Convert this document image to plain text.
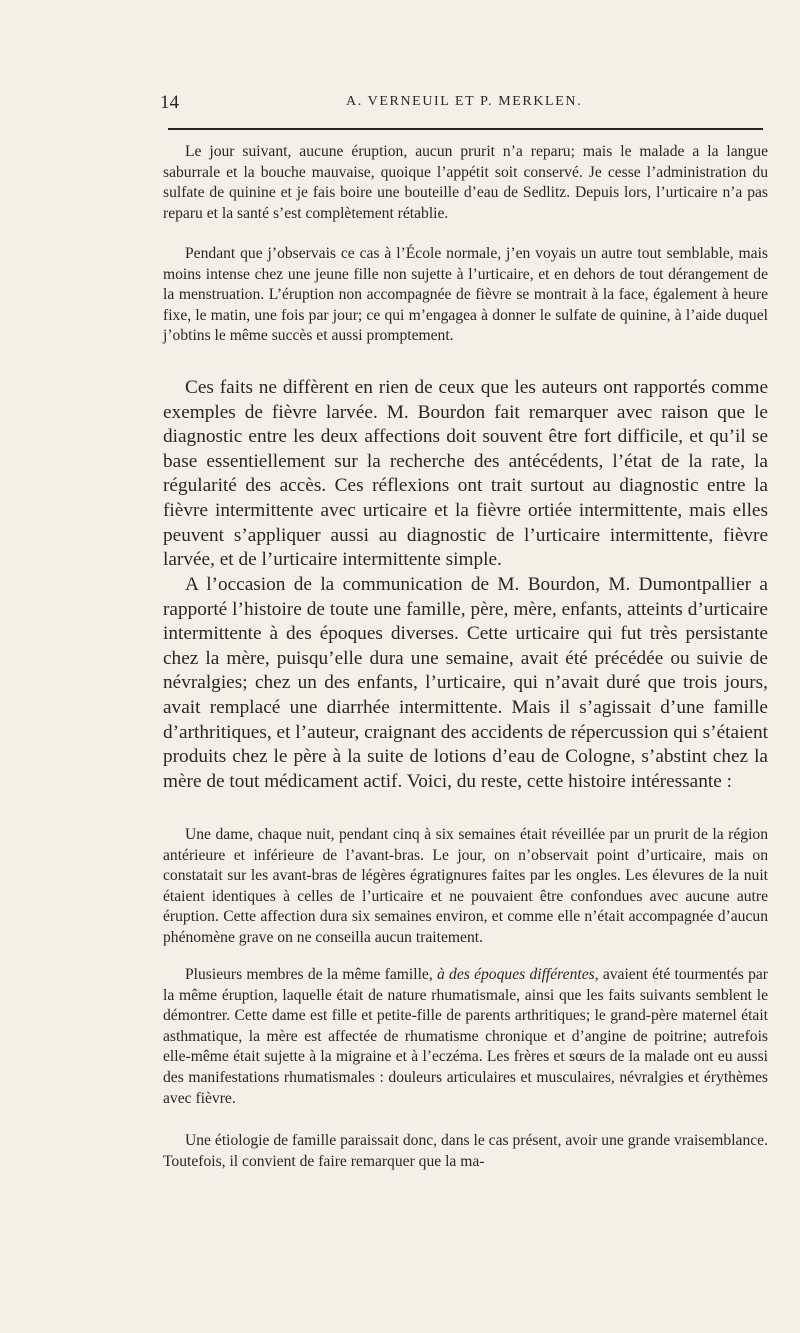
14	A. VERNEUIL ET P. MERKLEN.

Le jour suivant, aucune éruption, aucun prurit n’a reparu; mais le malade a la langue saburrale et la bouche mauvaise, quoique l’appétit soit conservé. Je cesse l’administration du sulfate de quinine et je fais boire une bouteille d’eau de Sedlitz. Depuis lors, l’urticaire n’a pas reparu et la santé s’est complètement rétablie.

Pendant que j’observais ce cas à l’École normale, j’en voyais un autre tout semblable, mais moins intense chez une jeune fille non sujette à l’urticaire, et en dehors de tout dérangement de la menstruation. L’éruption non accompagnée de fièvre se montrait à la face, également à heure fixe, le matin, une fois par jour; ce qui m’engagea à donner le sulfate de quinine, à l’aide duquel j’obtins le même succès et aussi promptement.

Ces faits ne diffèrent en rien de ceux que les auteurs ont rapportés comme exemples de fièvre larvée. M. Bourdon fait remarquer avec raison que le diagnostic entre les deux affections doit souvent être fort difficile, et qu’il se base essentiellement sur la recherche des antécédents, l’état de la rate, la régularité des accès. Ces réflexions ont trait surtout au diagnostic entre la fièvre intermittente avec urticaire et la fièvre ortiée intermittente, mais elles peuvent s’appliquer aussi au diagnostic de l’urticaire intermittente, fièvre larvée, et de l’urticaire intermittente simple.

A l’occasion de la communication de M. Bourdon, M. Dumontpallier a rapporté l’histoire de toute une famille, père, mère, enfants, atteints d’urticaire intermittente à des époques diverses. Cette urticaire qui fut très persistante chez la mère, puisqu’elle dura une semaine, avait été précédée ou suivie de névralgies; chez un des enfants, l’urticaire, qui n’avait duré que trois jours, avait remplacé une diarrhée intermittente. Mais il s’agissait d’une famille d’arthritiques, et l’auteur, craignant des accidents de répercussion qui s’étaient produits chez le père à la suite de lotions d’eau de Cologne, s’abstint chez la mère de tout médicament actif. Voici, du reste, cette histoire intéressante :

Une dame, chaque nuit, pendant cinq à six semaines était réveillée par un prurit de la région antérieure et inférieure de l’avant-bras. Le jour, on n’observait point d’urticaire, mais on constatait sur les avant-bras de légères égratignures faites par les ongles. Les élevures de la nuit étaient identiques à celles de l’urticaire et ne pouvaient être confondues avec aucune autre éruption. Cette affection dura six semaines environ, et comme elle n’était accompagnée d’aucun phénomène grave on ne conseilla aucun traitement.

Plusieurs membres de la même famille, à des époques différentes, avaient été tourmentés par la même éruption, laquelle était de nature rhumatismale, ainsi que les faits suivants semblent le démontrer. Cette dame est fille et petite-fille de parents arthritiques; le grand-père maternel était asthmatique, la mère est affectée de rhumatisme chronique et d’angine de poitrine; autrefois elle-même était sujette à la migraine et à l’eczéma. Les frères et sœurs de la malade ont eu aussi des manifestations rhumatismales : douleurs articulaires et musculaires, névralgies et érythèmes avec fièvre.

Une étiologie de famille paraissait donc, dans le cas présent, avoir une grande vraisemblance. Toutefois, il convient de faire remarquer que la ma-
